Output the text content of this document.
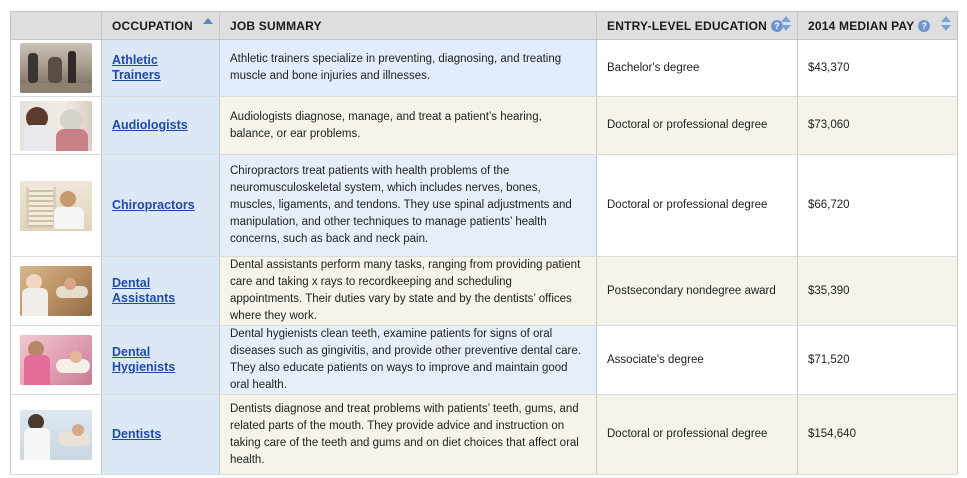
	OCCUPATION	JOB SUMMARY	ENTRY-LEVEL EDUCATION ?	2014 MEDIAN PAY ?

	Athletic Trainers	Athletic trainers specialize in preventing, diagnosing, and treating muscle and bone injuries and illnesses.	Bachelor's degree	$43,370

	Audiologists	Audiologists diagnose, manage, and treat a patient’s hearing, balance, or ear problems.	Doctoral or professional degree	$73,060

	Chiropractors	Chiropractors treat patients with health problems of the neuromusculoskeletal system, which includes nerves, bones, muscles, ligaments, and tendons. They use spinal adjustments and manipulation, and other techniques to manage patients’ health concerns, such as back and neck pain.	Doctoral or professional degree	$66,720

	Dental Assistants	Dental assistants perform many tasks, ranging from providing patient care and taking x rays to recordkeeping and scheduling appointments. Their duties vary by state and by the dentists’ offices where they work.	Postsecondary nondegree award	$35,390

	Dental Hygienists	Dental hygienists clean teeth, examine patients for signs of oral diseases such as gingivitis, and provide other preventive dental care. They also educate patients on ways to improve and maintain good oral health.	Associate's degree	$71,520

	Dentists	Dentists diagnose and treat problems with patients’ teeth, gums, and related parts of the mouth. They provide advice and instruction on taking care of the teeth and gums and on diet choices that affect oral health.	Doctoral or professional degree	$154,640
